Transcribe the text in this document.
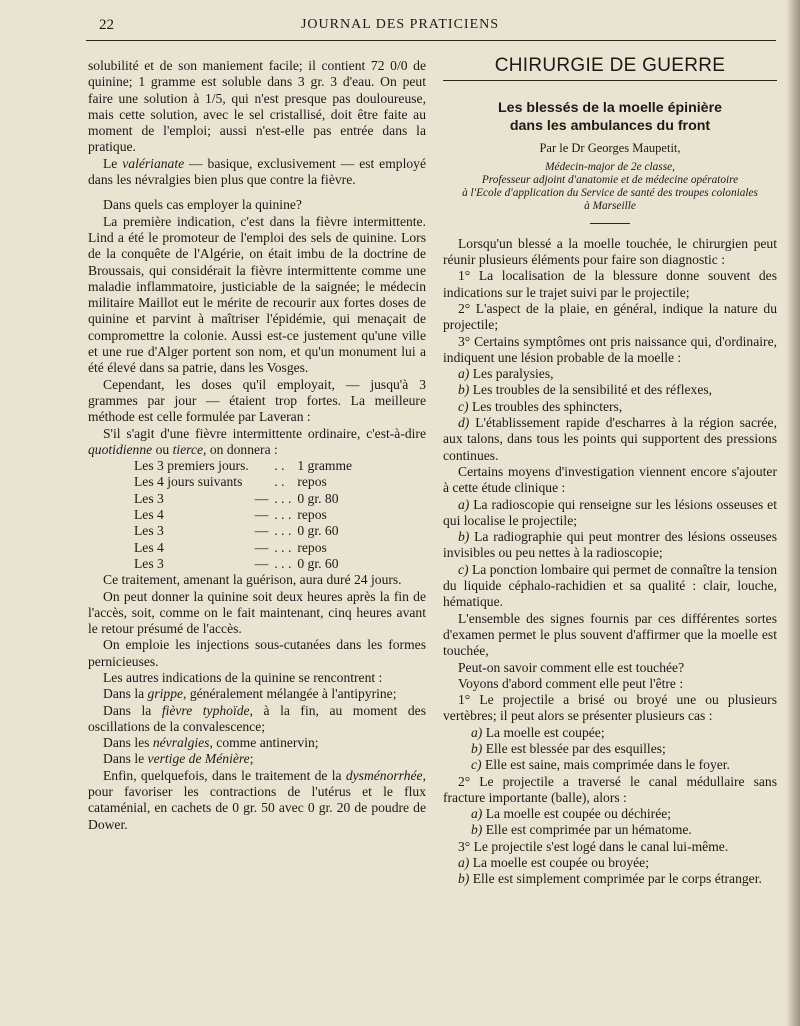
22	JOURNAL DES PRATICIENS

solubilité et de son maniement facile; il contient 72 0/0 de quinine; 1 gramme est soluble dans 3 gr. 3 d'eau. On peut faire une solution à 1/5, qui n'est presque pas douloureuse, mais cette solution, avec le sel cristallisé, doit être faite au moment de l'emploi; aussi n'est-elle pas entrée dans la pratique.

Le valérianate — basique, exclusivement — est employé dans les névralgies bien plus que contre la fièvre.

Dans quels cas employer la quinine?

La première indication, c'est dans la fièvre intermittente. Lind a été le promoteur de l'emploi des sels de quinine. Lors de la conquête de l'Algérie, on était imbu de la doctrine de Broussais, qui considérait la fièvre intermittente comme une maladie inflammatoire, justiciable de la saignée; le médecin militaire Maillot eut le mérite de recourir aux fortes doses de quinine et parvint à maîtriser l'épidémie, qui menaçait de compromettre la colonie. Aussi est-ce justement qu'une ville et une rue d'Alger portent son nom, et qu'un monument lui a été élevé dans sa patrie, dans les Vosges.

Cependant, les doses qu'il employait, — jusqu'à 3 grammes par jour — étaient trop fortes. La meilleure méthode est celle formulée par Laveran :

S'il s'agit d'une fièvre intermittente ordinaire, c'est-à-dire quotidienne ou tierce, on donnera :

Les 3 premiers jours.		. .	1 gramme
Les 4 jours suivants		. .	repos
Les 3	—	. . .	0 gr. 80
Les 4	—	. . .	repos
Les 3	—	. . .	0 gr. 60
Les 4	—	. . .	repos
Les 3	—	. . .	0 gr. 60

Ce traitement, amenant la guérison, aura duré 24 jours.

On peut donner la quinine soit deux heures après la fin de l'accès, soit, comme on le fait maintenant, cinq heures avant le retour présumé de l'accès.

On emploie les injections sous-cutanées dans les formes pernicieuses.

Les autres indications de la quinine se rencontrent :

Dans la grippe, généralement mélangée à l'antipyrine;

Dans la fièvre typhoïde, à la fin, au moment des oscillations de la convalescence;

Dans les névralgies, comme antinervin;

Dans le vertige de Ménière;

Enfin, quelquefois, dans le traitement de la dysménorrhée, pour favoriser les contractions de l'utérus et le flux cataménial, en cachets de 0 gr. 50 avec 0 gr. 20 de poudre de Dower.

CHIRURGIE DE GUERRE
Les blessés de la moelle épinière
dans les ambulances du front
Par le Dr Georges Maupetit,
Médecin-major de 2e classe,
Professeur adjoint d'anatomie et de médecine opératoire
à l'Ecole d'application du Service de santé des troupes coloniales
à Marseille

Lorsqu'un blessé a la moelle touchée, le chirurgien peut réunir plusieurs éléments pour faire son diagnostic :

1° La localisation de la blessure donne souvent des indications sur le trajet suivi par le projectile;

2° L'aspect de la plaie, en général, indique la nature du projectile;

3° Certains symptômes ont pris naissance qui, d'ordinaire, indiquent une lésion probable de la moelle :

a) Les paralysies,

b) Les troubles de la sensibilité et des réflexes,

c) Les troubles des sphincters,

d) L'établissement rapide d'escharres à la région sacrée, aux talons, dans tous les points qui supportent des pressions continues.

Certains moyens d'investigation viennent encore s'ajouter à cette étude clinique :

a) La radioscopie qui renseigne sur les lésions osseuses et qui localise le projectile;

b) La radiographie qui peut montrer des lésions osseuses invisibles ou peu nettes à la radioscopie;

c) La ponction lombaire qui permet de connaître la tension du liquide céphalo-rachidien et sa qualité : clair, louche, hématique.

L'ensemble des signes fournis par ces différentes sortes d'examen permet le plus souvent d'affirmer que la moelle est touchée,

Peut-on savoir comment elle est touchée?

Voyons d'abord comment elle peut l'être :

1° Le projectile a brisé ou broyé une ou plusieurs vertèbres; il peut alors se présenter plusieurs cas :

a) La moelle est coupée;

b) Elle est blessée par des esquilles;

c) Elle est saine, mais comprimée dans le foyer.

2° Le projectile a traversé le canal médullaire sans fracture importante (balle), alors :

a) La moelle est coupée ou déchirée;

b) Elle est comprimée par un hématome.

3° Le projectile s'est logé dans le canal lui-même.

a) La moelle est coupée ou broyée;

b) Elle est simplement comprimée par le corps étranger.
